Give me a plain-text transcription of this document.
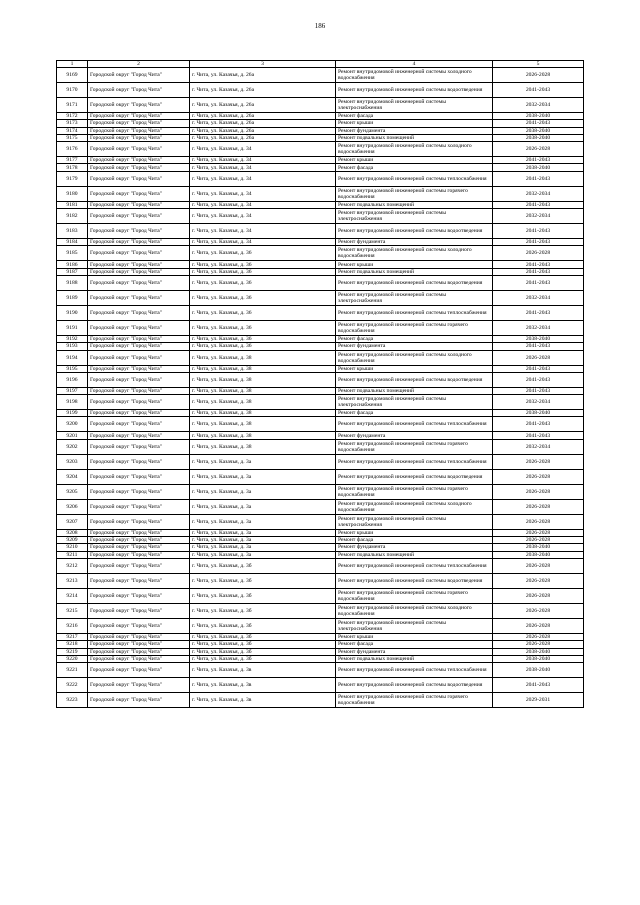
186
1	2	3	4	5
9169	Городской округ "Город Чита"	г. Чита, ул. Казачья, д. 26а	Ремонт внутридомовой инженерной системы холодного водоснабжения	2026-2028
9170	Городской округ "Город Чита"	г. Чита, ул. Казачья, д. 26а	Ремонт внутридомовой инженерной системы водоотведения	2041-2043
9171	Городской округ "Город Чита"	г. Чита, ул. Казачья, д. 26а	Ремонт внутридомовой инженерной системы электроснабжения	2032-2034
9172	Городской округ "Город Чита"	г. Чита, ул. Казачья, д. 26а	Ремонт фасада	2038-2040
9173	Городской округ "Город Чита"	г. Чита, ул. Казачья, д. 26а	Ремонт крыши	2041-2043
9174	Городской округ "Город Чита"	г. Чита, ул. Казачья, д. 26а	Ремонт фундамента	2038-2040
9175	Городской округ "Город Чита"	г. Чита, ул. Казачья, д. 26а	Ремонт подвальных помещений	2038-2040
9176	Городской округ "Город Чита"	г. Чита, ул. Казачья, д. 34	Ремонт внутридомовой инженерной системы холодного водоснабжения	2026-2028
9177	Городской округ "Город Чита"	г. Чита, ул. Казачья, д. 34	Ремонт крыши	2041-2043
9178	Городской округ "Город Чита"	г. Чита, ул. Казачья, д. 34	Ремонт фасада	2038-2040
9179	Городской округ "Город Чита"	г. Чита, ул. Казачья, д. 34	Ремонт внутридомовой инженерной системы теплоснабжения	2041-2043
9180	Городской округ "Город Чита"	г. Чита, ул. Казачья, д. 34	Ремонт внутридомовой инженерной системы горячего водоснабжения	2032-2034
9181	Городской округ "Город Чита"	г. Чита, ул. Казачья, д. 34	Ремонт подвальных помещений	2041-2043
9182	Городской округ "Город Чита"	г. Чита, ул. Казачья, д. 34	Ремонт внутридомовой инженерной системы электроснабжения	2032-2034
9183	Городской округ "Город Чита"	г. Чита, ул. Казачья, д. 34	Ремонт внутридомовой инженерной системы водоотведения	2041-2043
9184	Городской округ "Город Чита"	г. Чита, ул. Казачья, д. 34	Ремонт фундамента	2041-2043
9185	Городской округ "Город Чита"	г. Чита, ул. Казачья, д. 36	Ремонт внутридомовой инженерной системы холодного водоснабжения	2026-2028
9186	Городской округ "Город Чита"	г. Чита, ул. Казачья, д. 36	Ремонт крыши	2041-2043
9187	Городской округ "Город Чита"	г. Чита, ул. Казачья, д. 36	Ремонт подвальных помещений	2041-2043
9188	Городской округ "Город Чита"	г. Чита, ул. Казачья, д. 36	Ремонт внутридомовой инженерной системы водоотведения	2041-2043
9189	Городской округ "Город Чита"	г. Чита, ул. Казачья, д. 36	Ремонт внутридомовой инженерной системы электроснабжения	2032-2034
9190	Городской округ "Город Чита"	г. Чита, ул. Казачья, д. 36	Ремонт внутридомовой инженерной системы теплоснабжения	2041-2043
9191	Городской округ "Город Чита"	г. Чита, ул. Казачья, д. 36	Ремонт внутридомовой инженерной системы горячего водоснабжения	2032-2034
9192	Городской округ "Город Чита"	г. Чита, ул. Казачья, д. 36	Ремонт фасада	2038-2040
9193	Городской округ "Город Чита"	г. Чита, ул. Казачья, д. 36	Ремонт фундамента	2041-2043
9194	Городской округ "Город Чита"	г. Чита, ул. Казачья, д. 38	Ремонт внутридомовой инженерной системы холодного водоснабжения	2026-2028
9195	Городской округ "Город Чита"	г. Чита, ул. Казачья, д. 38	Ремонт крыши	2041-2043
9196	Городской округ "Город Чита"	г. Чита, ул. Казачья, д. 38	Ремонт внутридомовой инженерной системы водоотведения	2041-2043
9197	Городской округ "Город Чита"	г. Чита, ул. Казачья, д. 38	Ремонт подвальных помещений	2041-2043
9198	Городской округ "Город Чита"	г. Чита, ул. Казачья, д. 38	Ремонт внутридомовой инженерной системы электроснабжения	2032-2034
9199	Городской округ "Город Чита"	г. Чита, ул. Казачья, д. 38	Ремонт фасада	2038-2040
9200	Городской округ "Город Чита"	г. Чита, ул. Казачья, д. 38	Ремонт внутридомовой инженерной системы теплоснабжения	2041-2043
9201	Городской округ "Город Чита"	г. Чита, ул. Казачья, д. 38	Ремонт фундамента	2041-2043
9202	Городской округ "Город Чита"	г. Чита, ул. Казачья, д. 38	Ремонт внутридомовой инженерной системы горячего водоснабжения	2032-2034
9203	Городской округ "Город Чита"	г. Чита, ул. Казачья, д. 3а	Ремонт внутридомовой инженерной системы теплоснабжения	2026-2028
9204	Городской округ "Город Чита"	г. Чита, ул. Казачья, д. 3а	Ремонт внутридомовой инженерной системы водоотведения	2026-2028
9205	Городской округ "Город Чита"	г. Чита, ул. Казачья, д. 3а	Ремонт внутридомовой инженерной системы горячего водоснабжения	2026-2028
9206	Городской округ "Город Чита"	г. Чита, ул. Казачья, д. 3а	Ремонт внутридомовой инженерной системы холодного водоснабжения	2026-2028
9207	Городской округ "Город Чита"	г. Чита, ул. Казачья, д. 3а	Ремонт внутридомовой инженерной системы электроснабжения	2026-2028
9208	Городской округ "Город Чита"	г. Чита, ул. Казачья, д. 3а	Ремонт крыши	2026-2028
9209	Городской округ "Город Чита"	г. Чита, ул. Казачья, д. 3а	Ремонт фасада	2026-2028
9210	Городской округ "Город Чита"	г. Чита, ул. Казачья, д. 3а	Ремонт фундамента	2038-2040
9211	Городской округ "Город Чита"	г. Чита, ул. Казачья, д. 3а	Ремонт подвальных помещений	2038-2040
9212	Городской округ "Город Чита"	г. Чита, ул. Казачья, д. 3б	Ремонт внутридомовой инженерной системы теплоснабжения	2026-2028
9213	Городской округ "Город Чита"	г. Чита, ул. Казачья, д. 3б	Ремонт внутридомовой инженерной системы водоотведения	2026-2028
9214	Городской округ "Город Чита"	г. Чита, ул. Казачья, д. 3б	Ремонт внутридомовой инженерной системы горячего водоснабжения	2026-2028
9215	Городской округ "Город Чита"	г. Чита, ул. Казачья, д. 3б	Ремонт внутридомовой инженерной системы холодного водоснабжения	2026-2028
9216	Городской округ "Город Чита"	г. Чита, ул. Казачья, д. 3б	Ремонт внутридомовой инженерной системы электроснабжения	2026-2028
9217	Городской округ "Город Чита"	г. Чита, ул. Казачья, д. 3б	Ремонт крыши	2026-2028
9218	Городской округ "Город Чита"	г. Чита, ул. Казачья, д. 3б	Ремонт фасада	2026-2028
9219	Городской округ "Город Чита"	г. Чита, ул. Казачья, д. 3б	Ремонт фундамента	2038-2040
9220	Городской округ "Город Чита"	г. Чита, ул. Казачья, д. 3б	Ремонт подвальных помещений	2038-2040
9221	Городской округ "Город Чита"	г. Чита, ул. Казачья, д. 3в	Ремонт внутридомовой инженерной системы теплоснабжения	2038-2040
9222	Городской округ "Город Чита"	г. Чита, ул. Казачья, д. 3в	Ремонт внутридомовой инженерной системы водоотведения	2041-2043
9223	Городской округ "Город Чита"	г. Чита, ул. Казачья, д. 3в	Ремонт внутридомовой инженерной системы горячего водоснабжения	2029-2031
